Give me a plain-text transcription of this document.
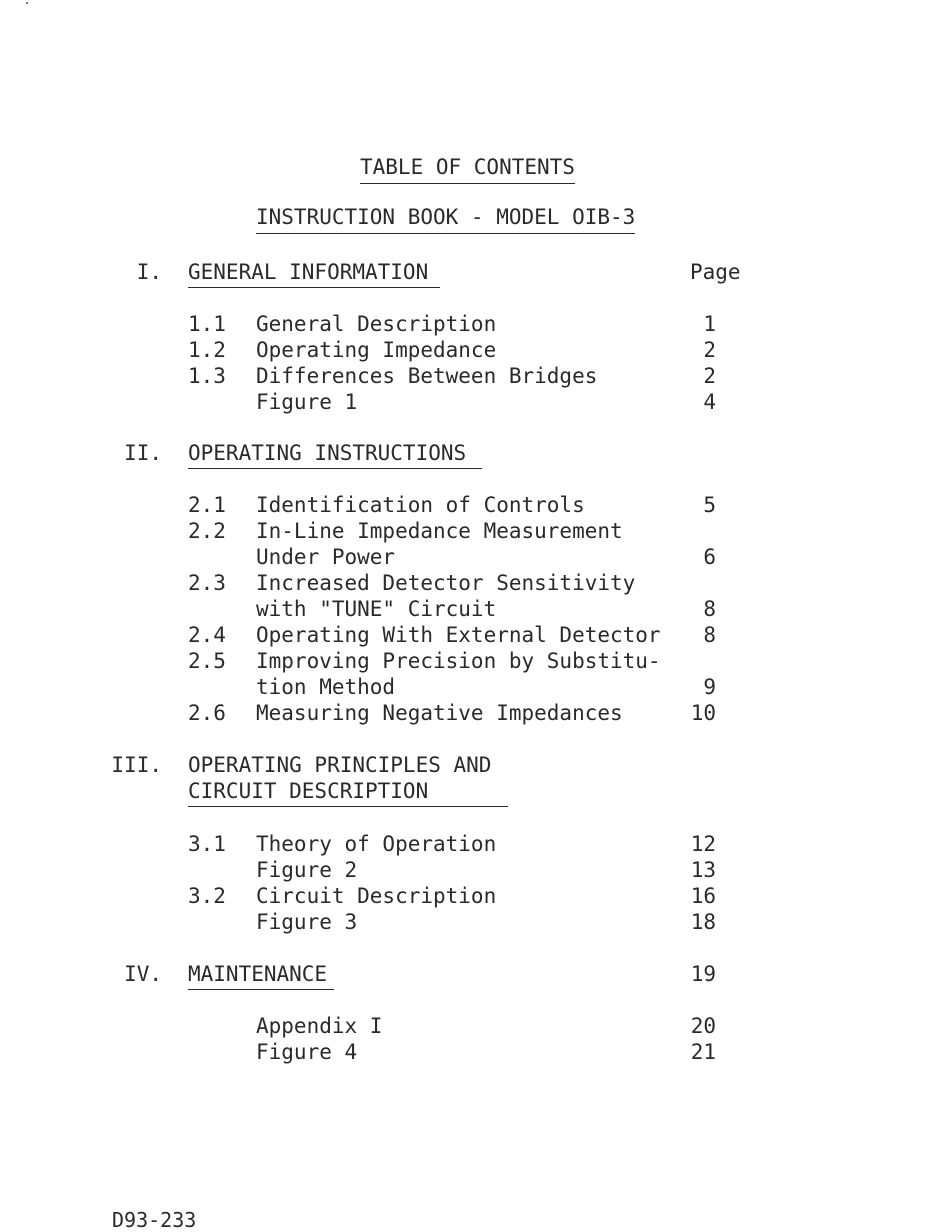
TABLE OF CONTENTS
INSTRUCTION BOOK - MODEL OIB-3
Page
I. GENERAL INFORMATION
1.1 General Description	1
1.2 Operating Impedance	2
1.3 Differences Between Bridges	2
Figure 1	4
II. OPERATING INSTRUCTIONS
2.1 Identification of Controls	5
2.2 In-Line Impedance Measurement
Under Power	6
2.3 Increased Detector Sensitivity
with "TUNE" Circuit	8
2.4 Operating With External Detector	8
2.5 Improving Precision by Substitu-
tion Method	9
2.6 Measuring Negative Impedances	10
III. OPERATING PRINCIPLES AND
CIRCUIT DESCRIPTION
3.1 Theory of Operation	12
Figure 2	13
3.2 Circuit Description	16
Figure 3	18
IV. MAINTENANCE	19
Appendix I	20
Figure 4	21
D93-233
